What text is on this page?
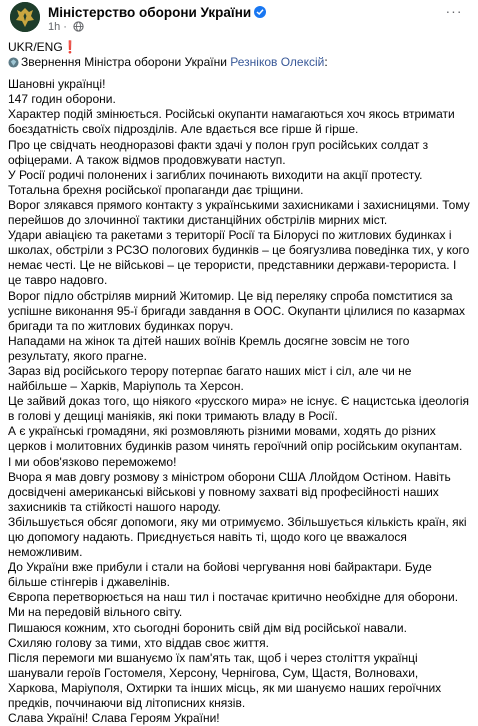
Міністерство оборони України
1h ·
···

UKR/ENG❗

Звернення Міністра оборони України Резніков Олексій:

Шановні українці!

147 годин оборони.

Характер подій змінюється. Російські окупанти намагаються хоч якось втримати боєздатність своїх підрозділів. Але вдається все гірше й гірше.

Про це свідчать неодноразові факти здачі у полон груп російських солдат з офіцерами. А також відмов продовжувати наступ.

У Росії родичі полонених і загиблих починають виходити на акції протесту. Тотальна брехня російської пропаганди дає тріщини.

Ворог злякався прямого контакту з українськими захисниками і захисницями. Тому перейшов до злочинної тактики дистанційних обстрілів мирних міст.

Удари авіацією та ракетами з території Росії та Білорусі по житлових будинках і школах, обстріли з РСЗО пологових будинків – це боягузлива поведінка тих, у кого немає честі. Це не військові – це терористи, представники держави-терориста. І це тавро надовго.

Ворог підло обстріляв мирний Житомир. Це від переляку спроба помститися за успішне виконання 95-ї бригади завдання в ООС. Окупанти цілилися по казармах бригади та по житлових будинках поруч.

Нападами на жінок та дітей наших воїнів Кремль досягне зовсім не того результату, якого прагне.

Зараз від російського терору потерпає багато наших міст і сіл, але чи не найбільше – Харків, Маріуполь та Херсон.

Це зайвий доказ того, що ніякого «русского мира» не існує. Є нацистська ідеологія в голові у дещиці маніяків, які поки тримають владу в Росії.

А є українські громадяни, які розмовляють різними мовами, ходять до різних церков і молитовних будинків разом чинять героїчний опір російським окупантам.

І ми обов'язково переможемо!

Вчора я мав довгу розмову з міністром оборони США Ллойдом Остіном. Навіть досвідчені американські військові у повному захваті від професійності наших захисників та стійкості нашого народу.

Збільшується обсяг допомоги, яку ми отримуємо. Збільшується кількість країн, які цю допомогу надають. Приєднується навіть ті, щодо кого це вважалося неможливим.

До України вже прибули і стали на бойові чергування нові байрактари. Буде більше стінгерів і джавелінів.

Європа перетворюється на наш тил і постачає критично необхідне для оборони. Ми на передовій вільного світу.

Пишаюся кожним, хто сьогодні боронить свій дім від російської навали.

Схиляю голову за тими, хто віддав своє життя.

Після перемоги ми вшануємо їх пам'ять так, щоб і через століття українці шанували героїв Гостомеля, Херсону, Чернігова, Сум, Щастя, Волновахи, Харкова, Маріуполя, Охтирки та інших місць, як ми шануємо наших героїчних предків, поччинаючи від літописних князів.

Слава Україні! Слава Героям України!
